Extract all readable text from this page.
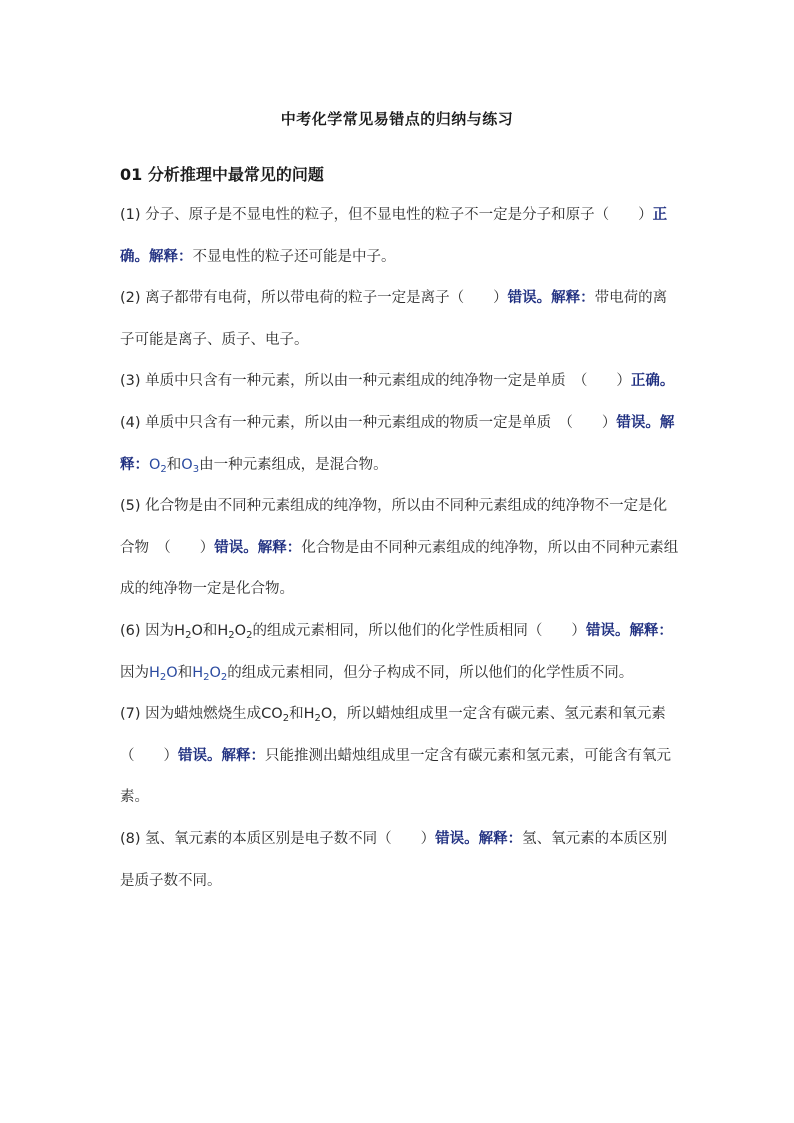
中考化学常见易错点的归纳与练习
01 分析推理中最常见的问题

(1) 分子、原子是不显电性的粒子，但不显电性的粒子不一定是分子和原子（　　）正确。解释：不显电性的粒子还可能是中子。

(2) 离子都带有电荷，所以带电荷的粒子一定是离子（　　）错误。解释：带电荷的离子可能是离子、质子、电子。

(3) 单质中只含有一种元素，所以由一种元素组成的纯净物一定是单质　（　　）正确。

(4) 单质中只含有一种元素，所以由一种元素组成的物质一定是单质　（　　）错误。解释：$O_2$和$O_3$由一种元素组成，是混合物。

(5) 化合物是由不同种元素组成的纯净物，所以由不同种元素组成的纯净物不一定是化合物　（　　）错误。解释：化合物是由不同种元素组成的纯净物，所以由不同种元素组成的纯净物一定是化合物。

(6) 因为$H_2O$和$H_2O_2$的组成元素相同，所以他们的化学性质相同（　　）错误。解释：因为$H_2O$和$H_2O_2$的组成元素相同，但分子构成不同，所以他们的化学性质不同。

(7) 因为蜡烛燃烧生成$CO_2$和$H_2O$，所以蜡烛组成里一定含有碳元素、氢元素和氧元素（　　）错误。解释：只能推测出蜡烛组成里一定含有碳元素和氢元素，可能含有氧元素。

(8) 氢、氧元素的本质区别是电子数不同（　　）错误。解释：氢、氧元素的本质区别是质子数不同。
